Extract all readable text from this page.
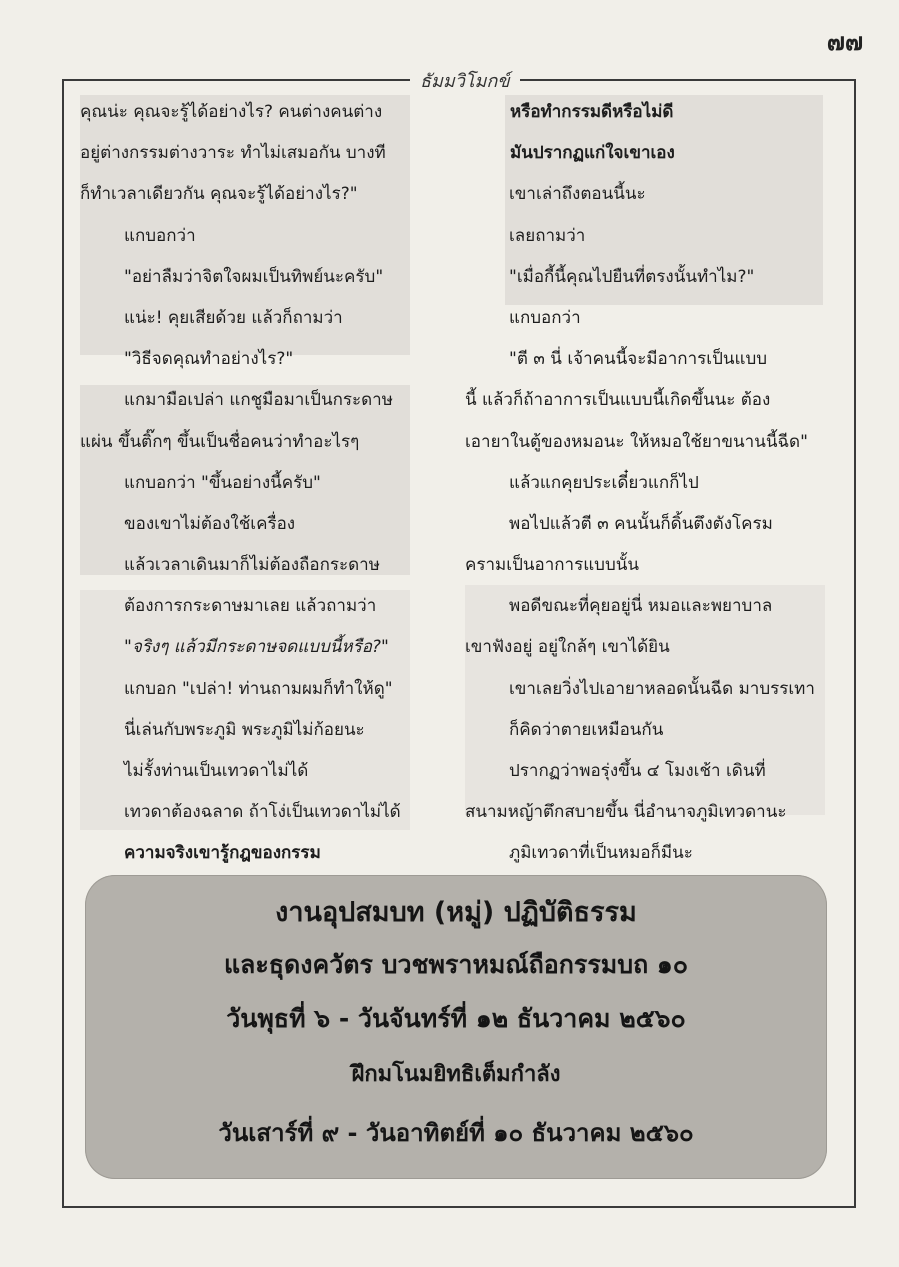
๗๗
ธัมมวิโมกข์

คุณน่ะ คุณจะรู้ได้อย่างไร? คนต่างคนต่าง

อยู่ต่างกรรมต่างวาระ ทำไม่เสมอกัน บางที

ก็ทำเวลาเดียวกัน คุณจะรู้ได้อย่างไร?"

แกบอกว่า

"อย่าลืมว่าจิตใจผมเป็นทิพย์นะครับ"

แน่ะ! คุยเสียด้วย แล้วก็ถามว่า

"วิธีจดคุณทำอย่างไร?"

แกมามือเปล่า แกชูมือมาเป็นกระดาษ

แผ่น ขึ้นติ๊กๆ ขึ้นเป็นชื่อคนว่าทำอะไรๆ

แกบอกว่า "ขึ้นอย่างนี้ครับ"

ของเขาไม่ต้องใช้เครื่อง

แล้วเวลาเดินมาก็ไม่ต้องถือกระดาษ

ต้องการกระดาษมาเลย แล้วถามว่า

"จริงๆ แล้วมีกระดาษจดแบบนี้หรือ?"

แกบอก "เปล่า! ท่านถามผมก็ทำให้ดู"

นี่เล่นกับพระภูมิ พระภูมิไม่ก้อยนะ

ไม่รั้งท่านเป็นเทวดาไม่ได้

เทวดาต้องฉลาด ถ้าโง่เป็นเทวดาไม่ได้

ความจริงเขารู้กฎของกรรม

หรือทำกรรมดีหรือไม่ดี

มันปรากฏแก่ใจเขาเอง

เขาเล่าถึงตอนนี้นะ

เลยถามว่า

"เมื่อกี้นี้คุณไปยืนที่ตรงนั้นทำไม?"

แกบอกว่า

"ตี ๓ นี่ เจ้าคนนี้จะมีอาการเป็นแบบ

นี้ แล้วก็ถ้าอาการเป็นแบบนี้เกิดขึ้นนะ ต้อง

เอายาในตู้ของหมอนะ ให้หมอใช้ยาขนานนี้ฉีด"

แล้วแกคุยประเดี๋ยวแกก็ไป

พอไปแล้วตี ๓ คนนั้นก็ดิ้นตึงตังโครม

ครามเป็นอาการแบบนั้น

พอดีขณะที่คุยอยู่นี่ หมอและพยาบาล

เขาฟังอยู่ อยู่ใกล้ๆ เขาได้ยิน

เขาเลยวิ่งไปเอายาหลอดนั้นฉีด มาบรรเทา

ก็คิดว่าตายเหมือนกัน

ปรากฏว่าพอรุ่งขึ้น ๔ โมงเช้า เดินที่

สนามหญ้าตึกสบายขึ้น นี่อำนาจภูมิเทวดานะ

ภูมิเทวดาที่เป็นหมอก็มีนะ

งานอุปสมบท (หมู่) ปฏิบัติธรรม
และธุดงควัตร บวชพราหมณ์ถือกรรมบถ ๑๐
วันพุธที่ ๖ - วันจันทร์ที่ ๑๒ ธันวาคม ๒๕๖๐
ฝึกมโนมยิทธิเต็มกำลัง
วันเสาร์ที่ ๙ - วันอาทิตย์ที่ ๑๐ ธันวาคม ๒๕๖๐
